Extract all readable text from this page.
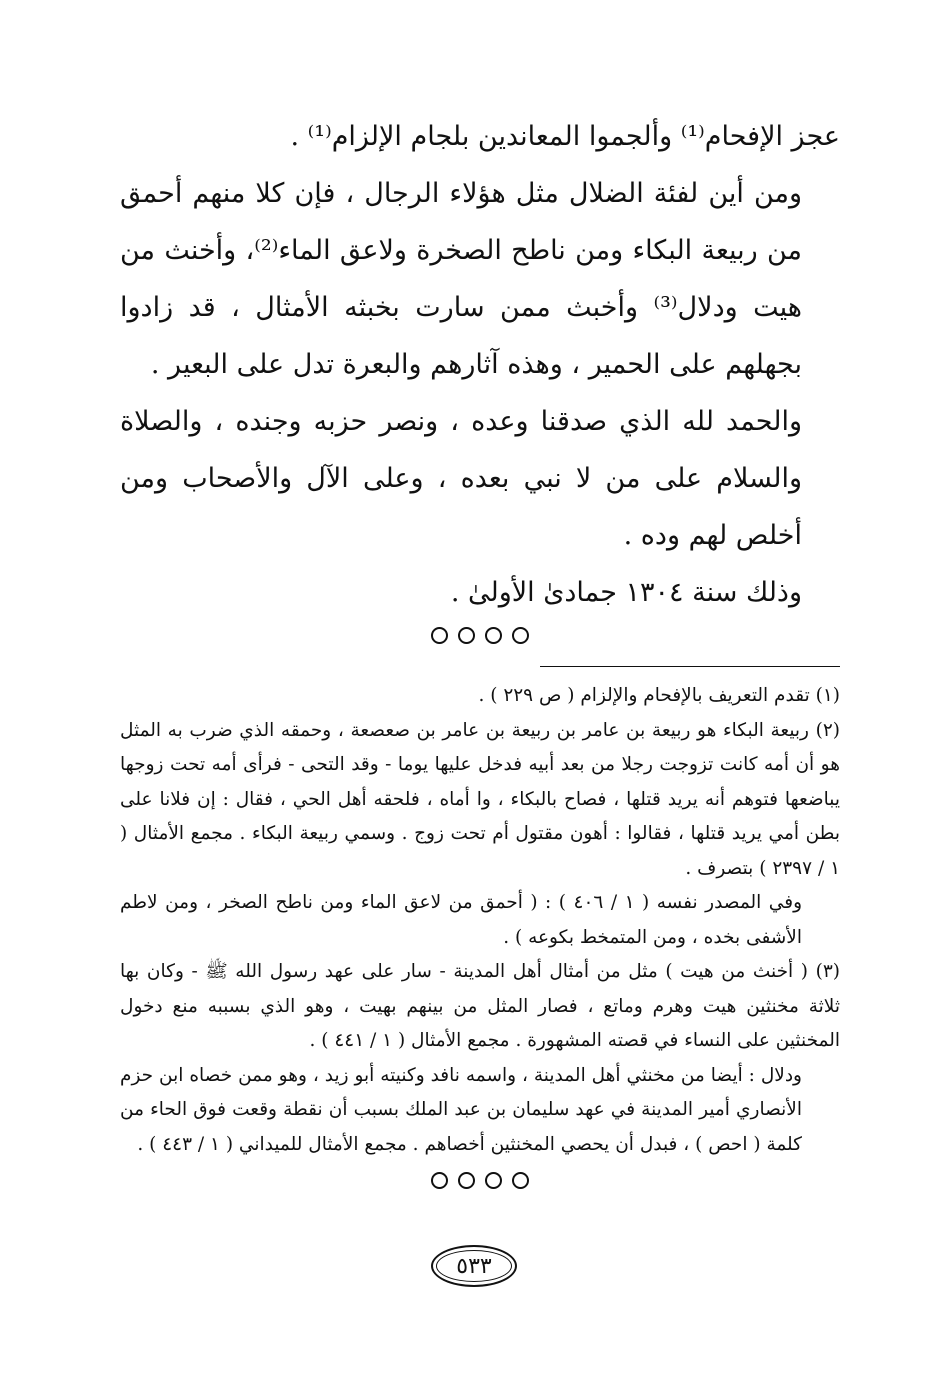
عجز الإفحام⁽¹⁾ وألجموا المعاندين بلجام الإلزام⁽¹⁾ .

ومن أين لفئة الضلال مثل هؤلاء الرجال ، فإن كلا منهم أحمق من ربيعة البكاء ومن ناطح الصخرة ولاعق الماء⁽²⁾، وأخنث من هيت ودلال⁽³⁾ وأخبث ممن سارت بخبثه الأمثال ، قد زادوا بجهلهم على الحمير ، وهذه آثارهم والبعرة تدل على البعير .

والحمد لله الذي صدقنا وعده ، ونصر حزبه وجنده ، والصلاة والسلام على من لا نبي بعده ، وعلى الآل والأصحاب ومن أخلص لهم وده .

وذلك سنة ١٣٠٤ جمادىٰ الأولىٰ .

(١) تقدم التعريف بالإفحام والإلزام ( ص ٢٢٩ ) .

(٢) ربيعة البكاء هو ربيعة بن عامر بن ربيعة بن عامر بن صعصعة ، وحمقه الذي ضرب به المثل هو أن أمه كانت تزوجت رجلا من بعد أبيه فدخل عليها يوما - وقد التحى - فرأى أمه تحت زوجها يباضعها فتوهم أنه يريد قتلها ، فصاح بالبكاء ، وا أماه ، فلحقه أهل الحي ، فقال : إن فلانا على بطن أمي يريد قتلها ، فقالوا : أهون مقتول أم تحت زوج . وسمي ربيعة البكاء . مجمع الأمثال ( ١ / ٢٣٩٧ ) بتصرف .

وفي المصدر نفسه ( ١ / ٤٠٦ ) : ( أحمق من لاعق الماء ومن ناطح الصخر ، ومن لاطم الأشفى بخده ، ومن المتمخط بكوعه ) .

(٣) ( أخنث من هيت ) مثل من أمثال أهل المدينة - سار على عهد رسول الله ﷺ - وكان بها ثلاثة مخنثين هيت وهرم وماتع ، فصار المثل من بينهم بهيت ، وهو الذي بسببه منع دخول المخنثين على النساء في قصته المشهورة . مجمع الأمثال ( ١ / ٤٤١ ) .

ودلال : أيضا من مخنثي أهل المدينة ، واسمه نافد وكنيته أبو زيد ، وهو ممن خصاه ابن حزم الأنصاري أمير المدينة في عهد سليمان بن عبد الملك بسبب أن نقطة وقعت فوق الحاء من كلمة ( احص ) ، فبدل أن يحصي المخنثين أخصاهم . مجمع الأمثال للميداني ( ١ / ٤٤٣ ) .

٥٣٣
